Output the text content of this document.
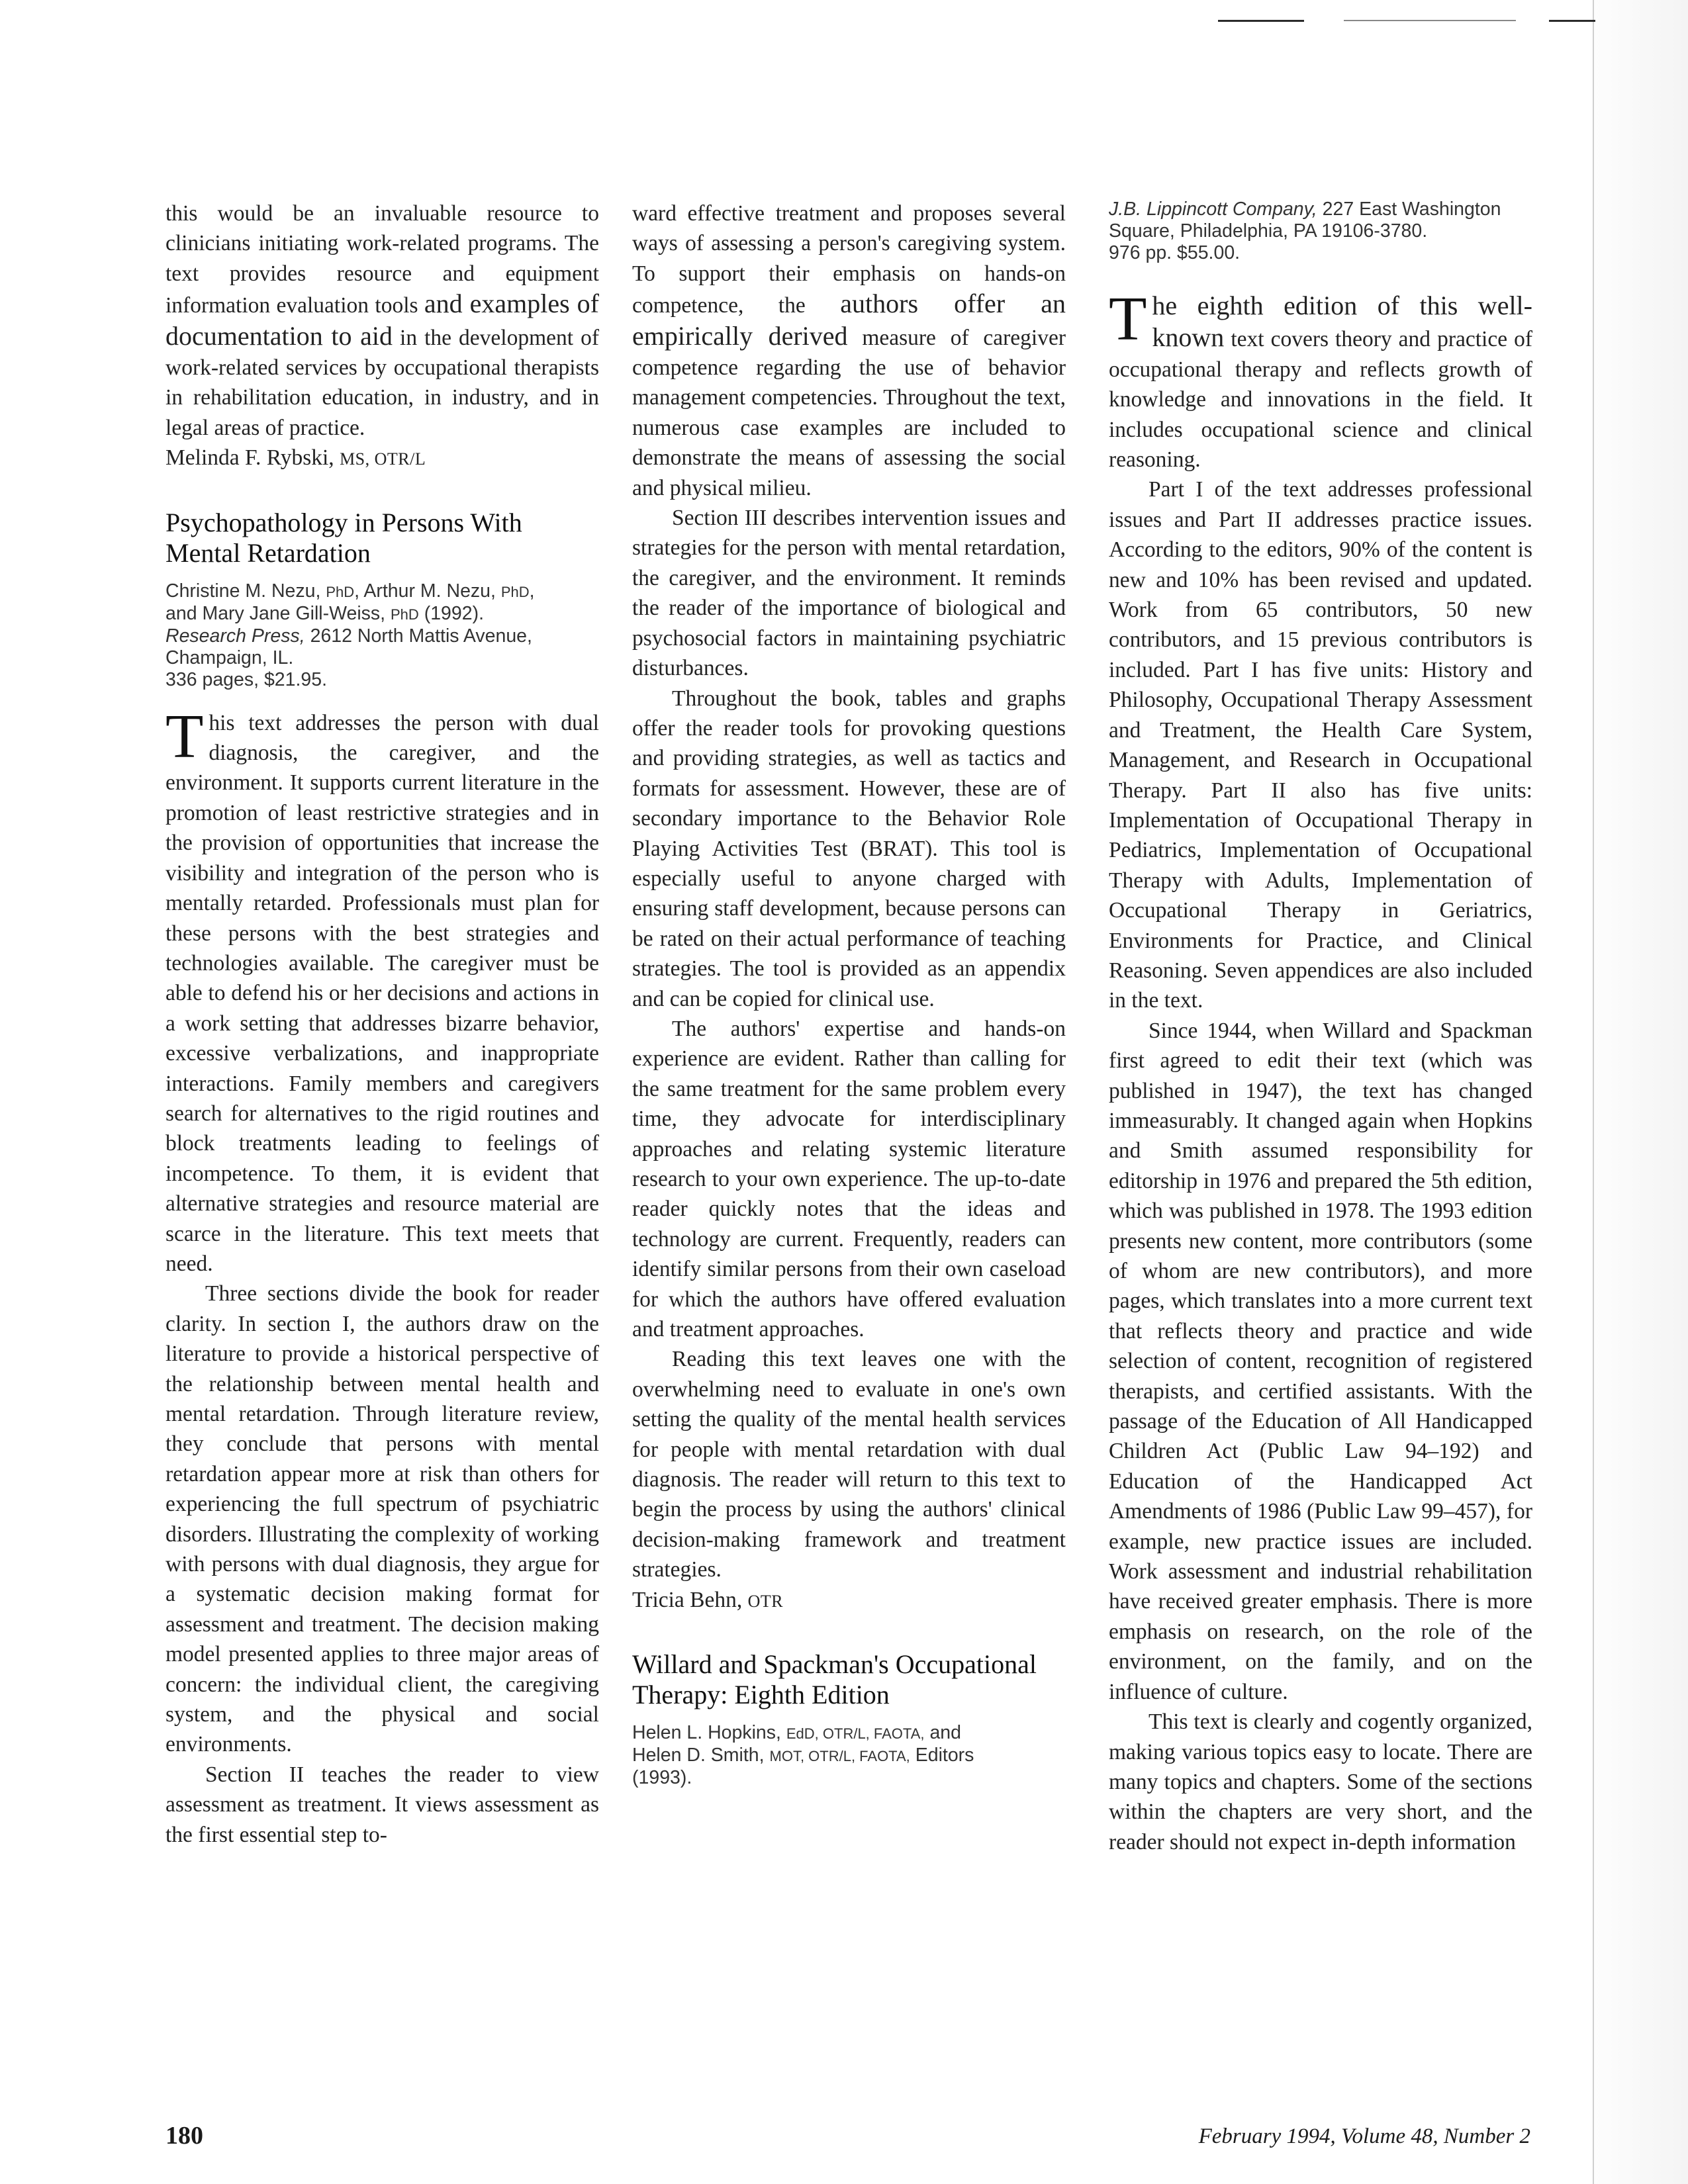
this would be an invaluable resource to clinicians initiating work-related programs. The text provides resource and equipment information evaluation tools and examples of documentation to aid in the development of work-related services by occupational therapists in rehabilitation education, in industry, and in legal areas of practice.

Melinda F. Rybski, MS, OTR/L

Psychopathology in Persons With Mental Retardation
Christine M. Nezu, PhD, Arthur M. Nezu, PhD,
and Mary Jane Gill-Weiss, PhD (1992).
Research Press, 2612 North Mattis Avenue, Champaign, IL.
336 pages, $21.95.

This text addresses the person with dual diagnosis, the caregiver, and the environment. It supports current literature in the promotion of least restrictive strategies and in the provision of opportunities that increase the visibility and integration of the person who is mentally retarded. Professionals must plan for these persons with the best strategies and technologies available. The caregiver must be able to defend his or her decisions and actions in a work setting that addresses bizarre behavior, excessive verbalizations, and inappropriate interactions. Family members and caregivers search for alternatives to the rigid routines and block treatments leading to feelings of incompetence. To them, it is evident that alternative strategies and resource material are scarce in the literature. This text meets that need.

Three sections divide the book for reader clarity. In section I, the authors draw on the literature to provide a historical perspective of the relationship between mental health and mental retardation. Through literature review, they conclude that persons with mental retardation appear more at risk than others for experiencing the full spectrum of psychiatric disorders. Illustrating the complexity of working with persons with dual diagnosis, they argue for a systematic decision making format for assessment and treatment. The decision making model presented applies to three major areas of concern: the individual client, the caregiving system, and the physical and social environments.

Section II teaches the reader to view assessment as treatment. It views assessment as the first essential step to-

ward effective treatment and proposes several ways of assessing a person's caregiving system. To support their emphasis on hands-on competence, the authors offer an empirically derived measure of caregiver competence regarding the use of behavior management competencies. Throughout the text, numerous case examples are included to demonstrate the means of assessing the social and physical milieu.

Section III describes intervention issues and strategies for the person with mental retardation, the caregiver, and the environment. It reminds the reader of the importance of biological and psychosocial factors in maintaining psychiatric disturbances.

Throughout the book, tables and graphs offer the reader tools for provoking questions and providing strategies, as well as tactics and formats for assessment. However, these are of secondary importance to the Behavior Role Playing Activities Test (BRAT). This tool is especially useful to anyone charged with ensuring staff development, because persons can be rated on their actual performance of teaching strategies. The tool is provided as an appendix and can be copied for clinical use.

The authors' expertise and hands-on experience are evident. Rather than calling for the same treatment for the same problem every time, they advocate for interdisciplinary approaches and relating systemic literature research to your own experience. The up-to-date reader quickly notes that the ideas and technology are current. Frequently, readers can identify similar persons from their own caseload for which the authors have offered evaluation and treatment approaches.

Reading this text leaves one with the overwhelming need to evaluate in one's own setting the quality of the mental health services for people with mental retardation with dual diagnosis. The reader will return to this text to begin the process by using the authors' clinical decision-making framework and treatment strategies.

Tricia Behn, OTR

Willard and Spackman's Occupational Therapy: Eighth Edition
Helen L. Hopkins, EdD, OTR/L, FAOTA, and
Helen D. Smith, MOT, OTR/L, FAOTA, Editors
(1993).
J.B. Lippincott Company, 227 East Washington Square, Philadelphia, PA 19106-3780.
976 pp. $55.00.

The eighth edition of this well-known text covers theory and practice of occupational therapy and reflects growth of knowledge and innovations in the field. It includes occupational science and clinical reasoning.

Part I of the text addresses professional issues and Part II addresses practice issues. According to the editors, 90% of the content is new and 10% has been revised and updated. Work from 65 contributors, 50 new contributors, and 15 previous contributors is included. Part I has five units: History and Philosophy, Occupational Therapy Assessment and Treatment, the Health Care System, Management, and Research in Occupational Therapy. Part II also has five units: Implementation of Occupational Therapy in Pediatrics, Implementation of Occupational Therapy with Adults, Implementation of Occupational Therapy in Geriatrics, Environments for Practice, and Clinical Reasoning. Seven appendices are also included in the text.

Since 1944, when Willard and Spackman first agreed to edit their text (which was published in 1947), the text has changed immeasurably. It changed again when Hopkins and Smith assumed responsibility for editorship in 1976 and prepared the 5th edition, which was published in 1978. The 1993 edition presents new content, more contributors (some of whom are new contributors), and more pages, which translates into a more current text that reflects theory and practice and wide selection of content, recognition of registered therapists, and certified assistants. With the passage of the Education of All Handicapped Children Act (Public Law 94–192) and Education of the Handicapped Act Amendments of 1986 (Public Law 99–457), for example, new practice issues are included. Work assessment and industrial rehabilitation have received greater emphasis. There is more emphasis on research, on the role of the environment, on the family, and on the influence of culture.

This text is clearly and cogently organized, making various topics easy to locate. There are many topics and chapters. Some of the sections within the chapters are very short, and the reader should not expect in-depth information

180	February 1994, Volume 48, Number 2
